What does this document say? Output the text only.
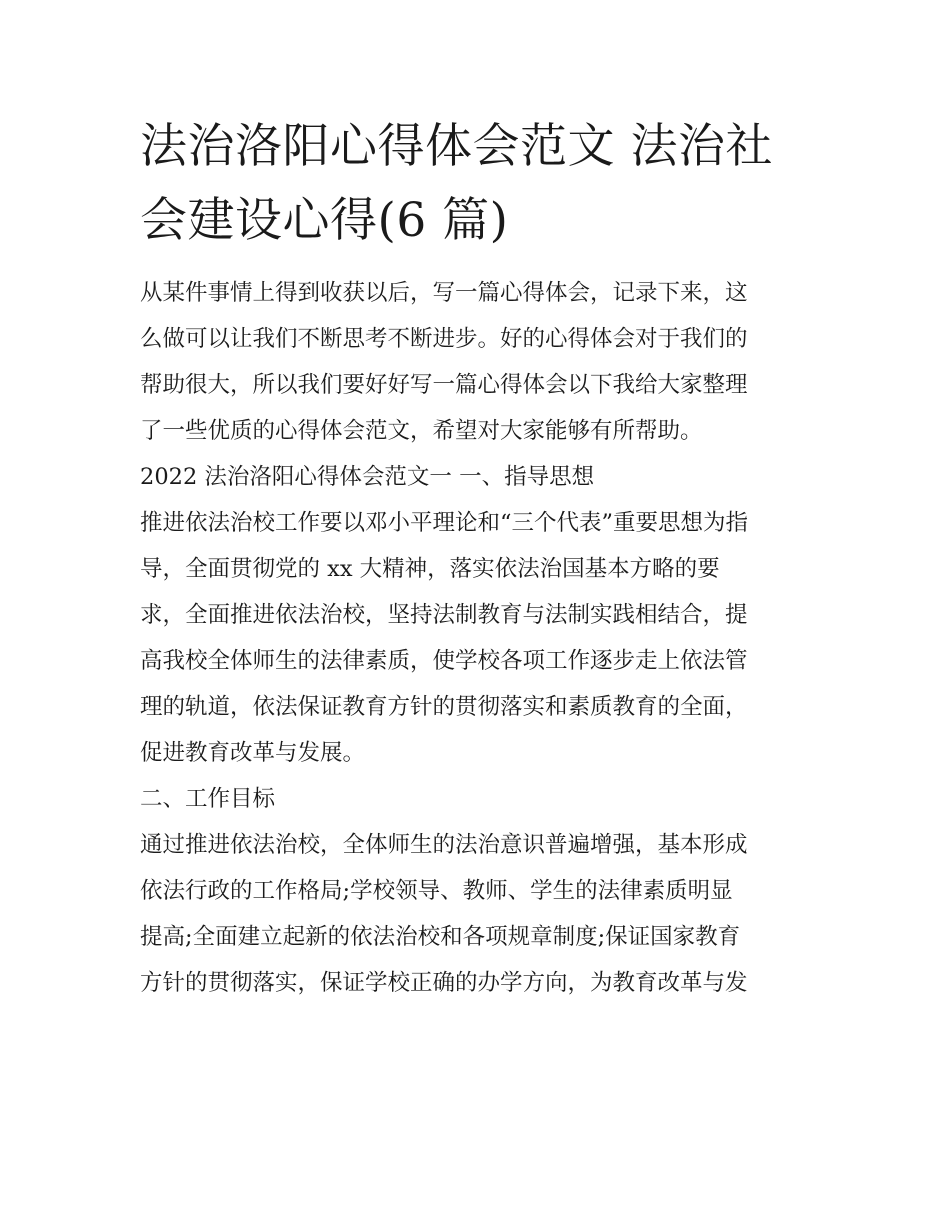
法治洛阳心得体会范文 法治社
会建设心得(6 篇)
从某件事情上得到收获以后，写一篇心得体会，记录下来，这
么做可以让我们不断思考不断进步。好的心得体会对于我们的
帮助很大，所以我们要好好写一篇心得体会以下我给大家整理
了一些优质的心得体会范文，希望对大家能够有所帮助。
2022 法治洛阳心得体会范文一 一、指导思想
推进依法治校工作要以邓小平理论和“三个代表”重要思想为指
导，全面贯彻党的 xx 大精神，落实依法治国基本方略的要
求，全面推进依法治校，坚持法制教育与法制实践相结合，提
高我校全体师生的法律素质，使学校各项工作逐步走上依法管
理的轨道，依法保证教育方针的贯彻落实和素质教育的全面，
促进教育改革与发展。
二、工作目标
通过推进依法治校，全体师生的法治意识普遍增强，基本形成
依法行政的工作格局;学校领导、教师、学生的法律素质明显
提高;全面建立起新的依法治校和各项规章制度;保证国家教育
方针的贯彻落实，保证学校正确的办学方向，为教育改革与发
